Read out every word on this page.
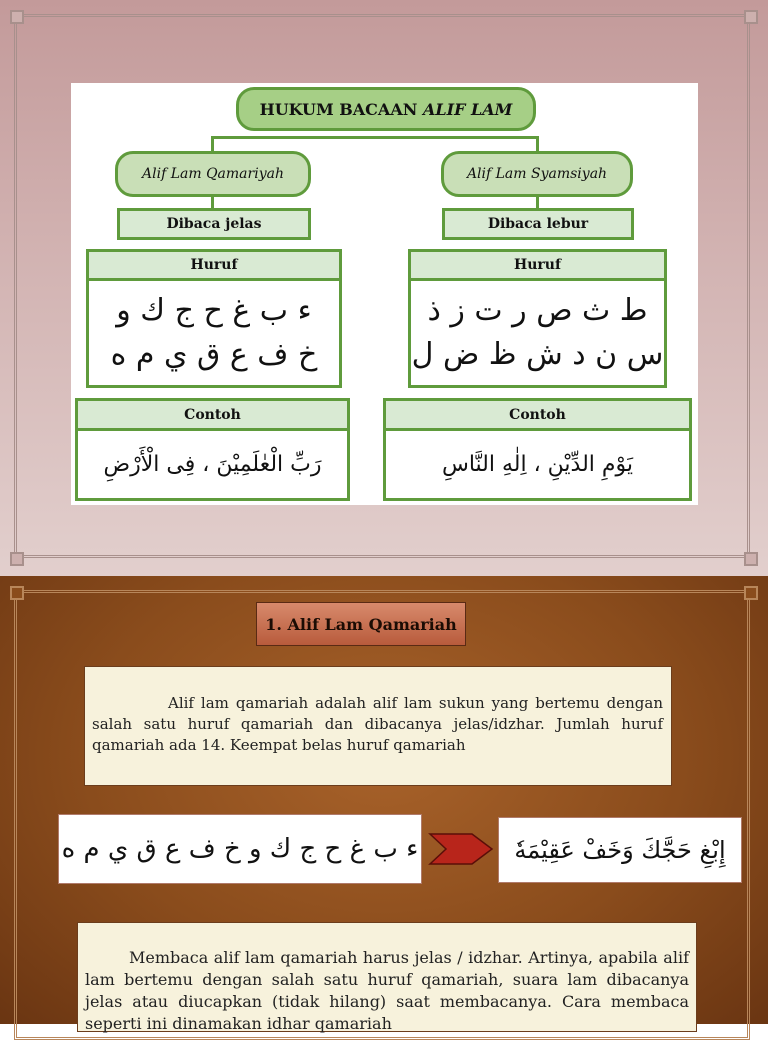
HUKUM BACAAN
ALIF LAM
Alif Lam Qamariyah
Dibaca jelas
Huruf
ء ب غ ح ج ك و
خ ف ع ق ي م ه
Contoh
رَبِّ الْعٰلَمِيْنَ ، فِى الْأَرْضِ
Alif Lam Syamsiyah
Dibaca lebur
Huruf
ط ث ص ر ت ز ذ
س ن د ش ظ ض ل
Contoh
يَوْمِ الدِّيْنِ ، اِلٰهِ النَّاسِ
1. Alif Lam Qamariah
Alif lam qamariah adalah alif lam sukun yang bertemu dengan salah satu huruf qamariah dan dibacanya jelas/idzhar. Jumlah huruf qamariah ada 14. Keempat belas huruf qamariah
ء ب غ ح ج ك و خ ف ع ق ي م ه	إِبْغِ حَجَّكَ وَخَفْ عَقِيْمَهٗ
Membaca alif lam qamariah harus jelas / idzhar. Artinya, apabila alif lam bertemu dengan salah satu huruf qamariah, suara lam dibacanya jelas atau diucapkan (tidak hilang) saat membacanya. Cara membaca seperti ini dinamakan idhar qamariah
